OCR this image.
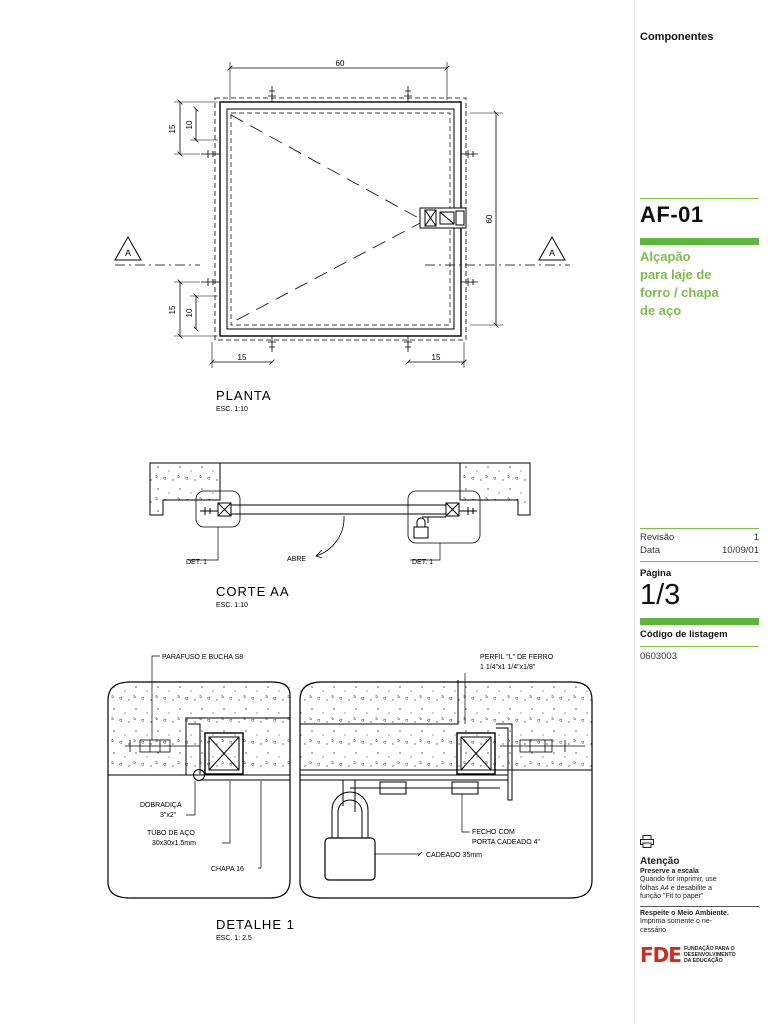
60
60
15 10
15 10
15	15
A	A
PLANTA
ESC. 1:10
DET. 1	DET. 1
ABRE
CORTE AA
ESC. 1:10
PARAFUSO E BUCHA S8	PERFIL "L" DE FERRO
1 1/4"x1 1/4"x1/8"
DOBRADIÇA
3"x2"
TUBO DE AÇO
30x30x1.5mm
CHAPA 16
FECHO COM
PORTA CADEADO 4"
CADEADO 35mm
DETALHE 1
ESC. 1: 2.5
Componentes
AF-01
Alçapão
para laje de
forro / chapa
de aço
Revisão	1
Data	10/09/01
Página
1/3
Código de listagem
0603003
Atenção
Preserve a escala
Quando for imprimir, use
folhas A4 e desabilite a
função "Fit to paper"
Respeite o Meio Ambiente.
Imprima somente o ne-
cessário
FDE FUNDAÇÃO PARA O
DESENVOLVIMENTO
DA EDUCAÇÃO
